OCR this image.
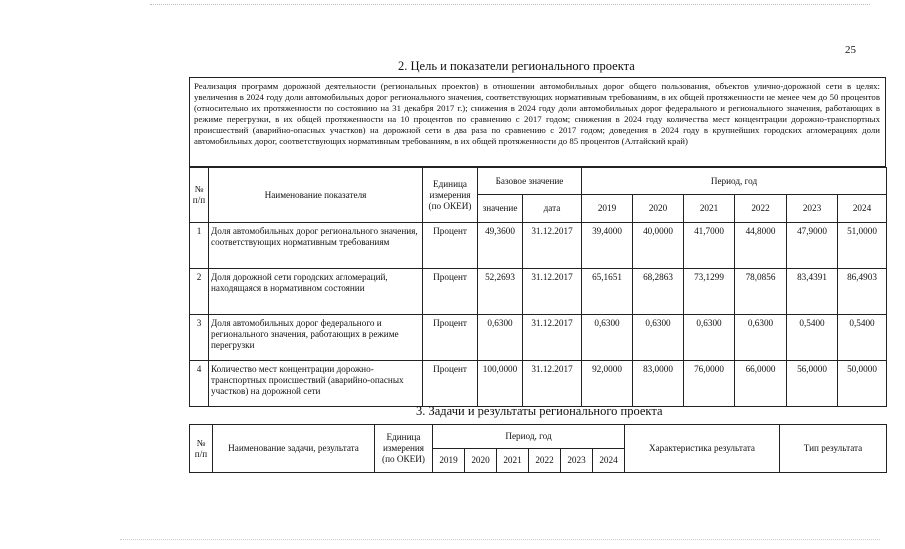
25
2. Цель и показатели регионального проекта
Реализация программ дорожной деятельности (региональных проектов) в отношении автомобильных дорог общего пользования, объектов улично-дорожной сети в целях: увеличения в 2024 году доли автомобильных дорог регионального значения, соответствующих нормативным требованиям, в их общей протяженности не менее чем до 50 процентов (относительно их протяженности по состоянию на 31 декабря 2017 г.); снижения в 2024 году доли автомобильных дорог федерального и регионального значения, работающих в режиме перегрузки, в их общей протяженности на 10 процентов по сравнению с 2017 годом; снижения в 2024 году количества мест концентрации дорожно-транспортных происшествий (аварийно-опасных участков) на дорожной сети в два раза по сравнению с 2017 годом; доведения в 2024 году в крупнейших городских агломерациях доли автомобильных дорог, соответствующих нормативным требованиям, в их общей протяженности до 85 процентов (Алтайский край)
№ п/п	Наименование показателя	Единица измерения (по ОКЕИ)	Базовое значение		Период, год					
			значение	дата	2019	2020	2021	2022	2023	2024
1	Доля автомобильных дорог регионального значения, соответствующих нормативным требованиям	Процент	49,3600	31.12.2017	39,4000	40,0000	41,7000	44,8000	47,9000	51,0000
2	Доля дорожной сети городских агломераций, находящаяся в нормативном состоянии	Процент	52,2693	31.12.2017	65,1651	68,2863	73,1299	78,0856	83,4391	86,4903
3	Доля автомобильных дорог федерального и регионального значения, работающих в режиме перегрузки	Процент	0,6300	31.12.2017	0,6300	0,6300	0,6300	0,6300	0,5400	0,5400
4	Количество мест концентрации дорожно-транспортных происшествий (аварийно-опасных участков) на дорожной сети	Процент	100,0000	31.12.2017	92,0000	83,0000	76,0000	66,0000	56,0000	50,0000
3. Задачи и результаты регионального проекта
№ п/п	Наименование задачи, результата	Единица измерения (по ОКЕИ)	Период, год						Характеристика результата	Тип результата
			2019	2020	2021	2022	2023	2024		
